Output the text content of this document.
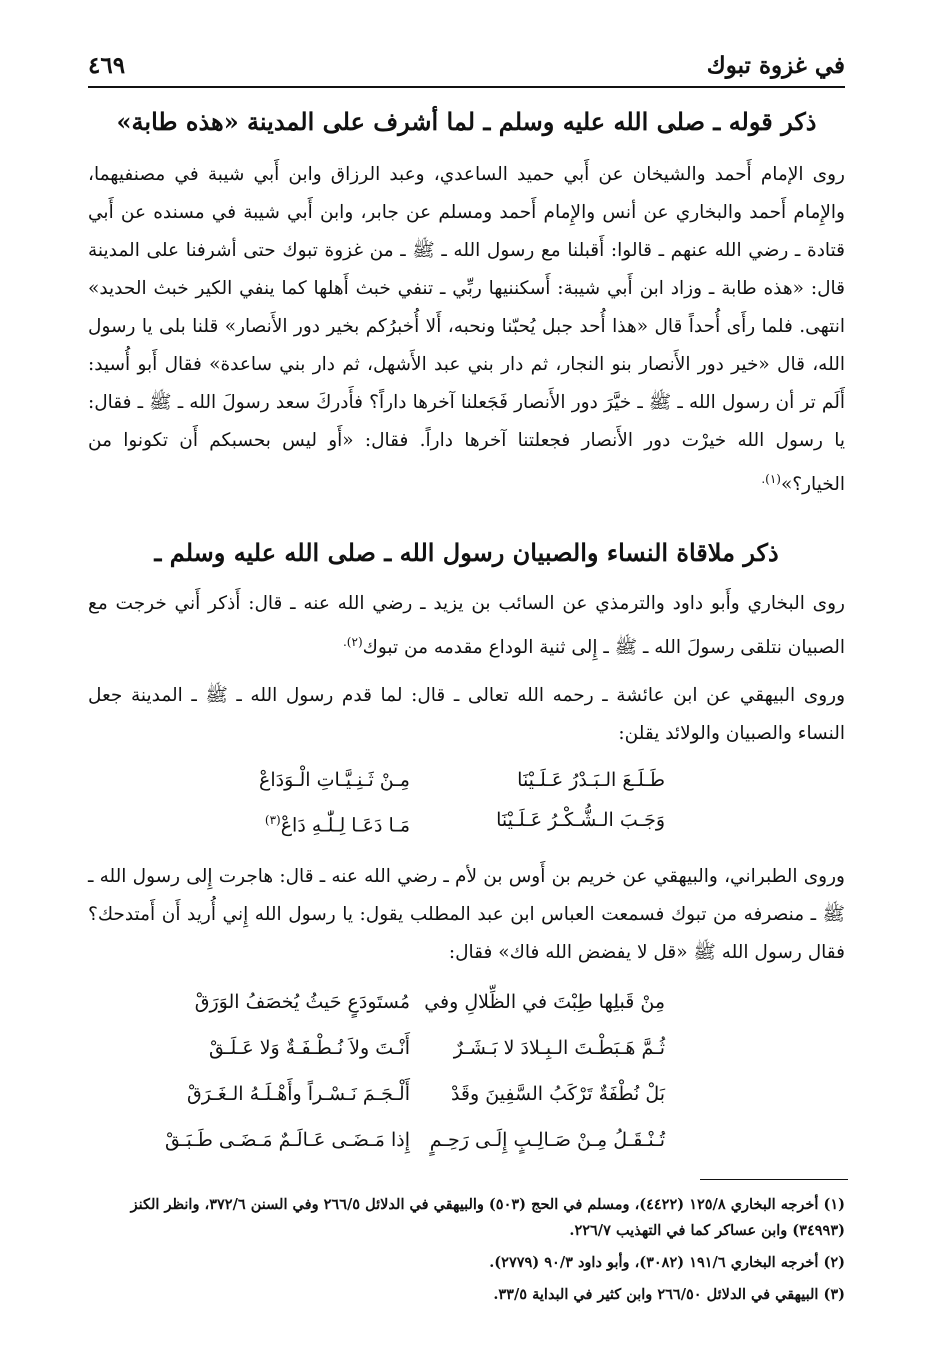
في غزوة تبوك
٤٦٩
ذكر قوله ـ صلى الله عليه وسلم ـ لما أشرف على المدينة «هذه طابة»
روى الإمام أَحمد والشيخان عن أَبي حميد الساعدي، وعبد الرزاق وابن أَبي شيبة في مصنفيهما، والإِمام أَحمد والبخاري عن أنس والإِمام أَحمد ومسلم عن جابر، وابن أَبي شيبة في مسنده عن أَبي قتادة ـ رضي الله عنهم ـ قالوا: أَقبلنا مع رسول الله ـ ﷺ ـ من غزوة تبوك حتى أشرفنا على المدينة قال: «هذه طابة ـ وزاد ابن أَبي شيبة: أَسكننيها ربِّي ـ تنفي خبث أَهلها كما ينفي الكير خبث الحديد» انتهى. فلما رأَى أُحداً قال «هذا أُحد جبل يُحبّنا ونحبه، أَلا أُخبرُكم بخير دور الأَنصار» قلنا بلى يا رسول الله، قال «خير دور الأَنصار بنو النجار، ثم دار بني عبد الأَشهل، ثم دار بني ساعدة» فقال أَبو أُسيد: أَلَم تر أن رسول الله ـ ﷺ ـ خيَّرَ دور الأَنصار فَجَعلنا آخرها داراً؟ فأَدركَ سعد رسولَ الله ـ ﷺ ـ فقال: يا رسول الله خيرْت دور الأَنصار فجعلتنا آخرها داراً. فقال: «أَو ليس بحسبكم أَن تكونوا من الخيار؟»$^{(١).}$
ذكر ملاقاة النساء والصبيان رسول الله ـ صلى الله عليه وسلم ـ
روى البخاري وأَبو داود والترمذي عن السائب بن يزيد ـ رضي الله عنه ـ قال: أَذكر أَني خرجت مع الصبيان نتلقى رسولَ الله ـ ﷺ ـ إِلى ثنية الوداع مقدمه من تبوك$^{(٢).}$
وروى البيهقي عن ابن عائشة ـ رحمه الله تعالى ـ قال: لما قدم رسول الله ـ ﷺ ـ المدينة جعل النساء والصبيان والولائد يقلن:
طَـلَـعَ الـبَـدْرُ عَـلَـيْنَا
مِـنْ ثَـنِـيَّـاتِ الْـوَدَاعْ
وَجَـبَ الـشُّـكْـرُ عَـلَـيْنَا
مَـا دَعَـا لِـلّٰـهِ دَاعْ$^{(٣)}$
وروى الطبراني، والبيهقي عن خريم بن أَوس بن لأم ـ رضي الله عنه ـ قال: هاجرت إِلى رسول الله ـ ﷺ ـ منصرفه من تبوك فسمعت العباس ابن عبد المطلب يقول: يا رسول الله إِني أُريد أَن أَمتدحك؟ فقال رسول الله ﷺ «قل لا يفضض الله فاك» فقال:
مِنْ قَبلِها طِبْتَ في الظِّلالِ وفي
مُستَودَعٍ حَيثُ يُخصَفُ الوَرَقْ
ثُـمَّ هَـبَطْـتَ الـبِـلادَ لا بَـشَـرٌ
أَنْـتَ ولاَ نُـطْـفَـةٌ وَلا عَـلَـقْ
بَلْ نُطْفَةٌ تَرْكَبُ السَّفِينَ وقَدْ
أَلْـجَـمَ نَـسْـراً وأَهْـلَـهُ الـغَـرَقْ
تُـنْـقَـلُ مِـنْ صَـالِـبٍ إِلَـى رَحِـمٍ
إِذا مَـضَـى عَـالَـمٌ مَـضَـى طَـبَـقْ

(١) أخرجه البخاري ١٢٥/٨ (٤٤٢٢)، ومسلم في الحج (٥٠٣) والبيهقي في الدلائل ٢٦٦/٥ وفي السنن ٣٧٢/٦، وانظر الكنز (٣٤٩٩٣) وابن عساكر كما في التهذيب ٢٢٦/٧.

(٢) أخرجه البخاري ١٩١/٦ (٣٠٨٢)، وأبو داود ٩٠/٣ (٢٧٧٩).

(٣) البيهقي في الدلائل ٢٦٦/٥٠ وابن كثير في البداية ٣٣/٥.
